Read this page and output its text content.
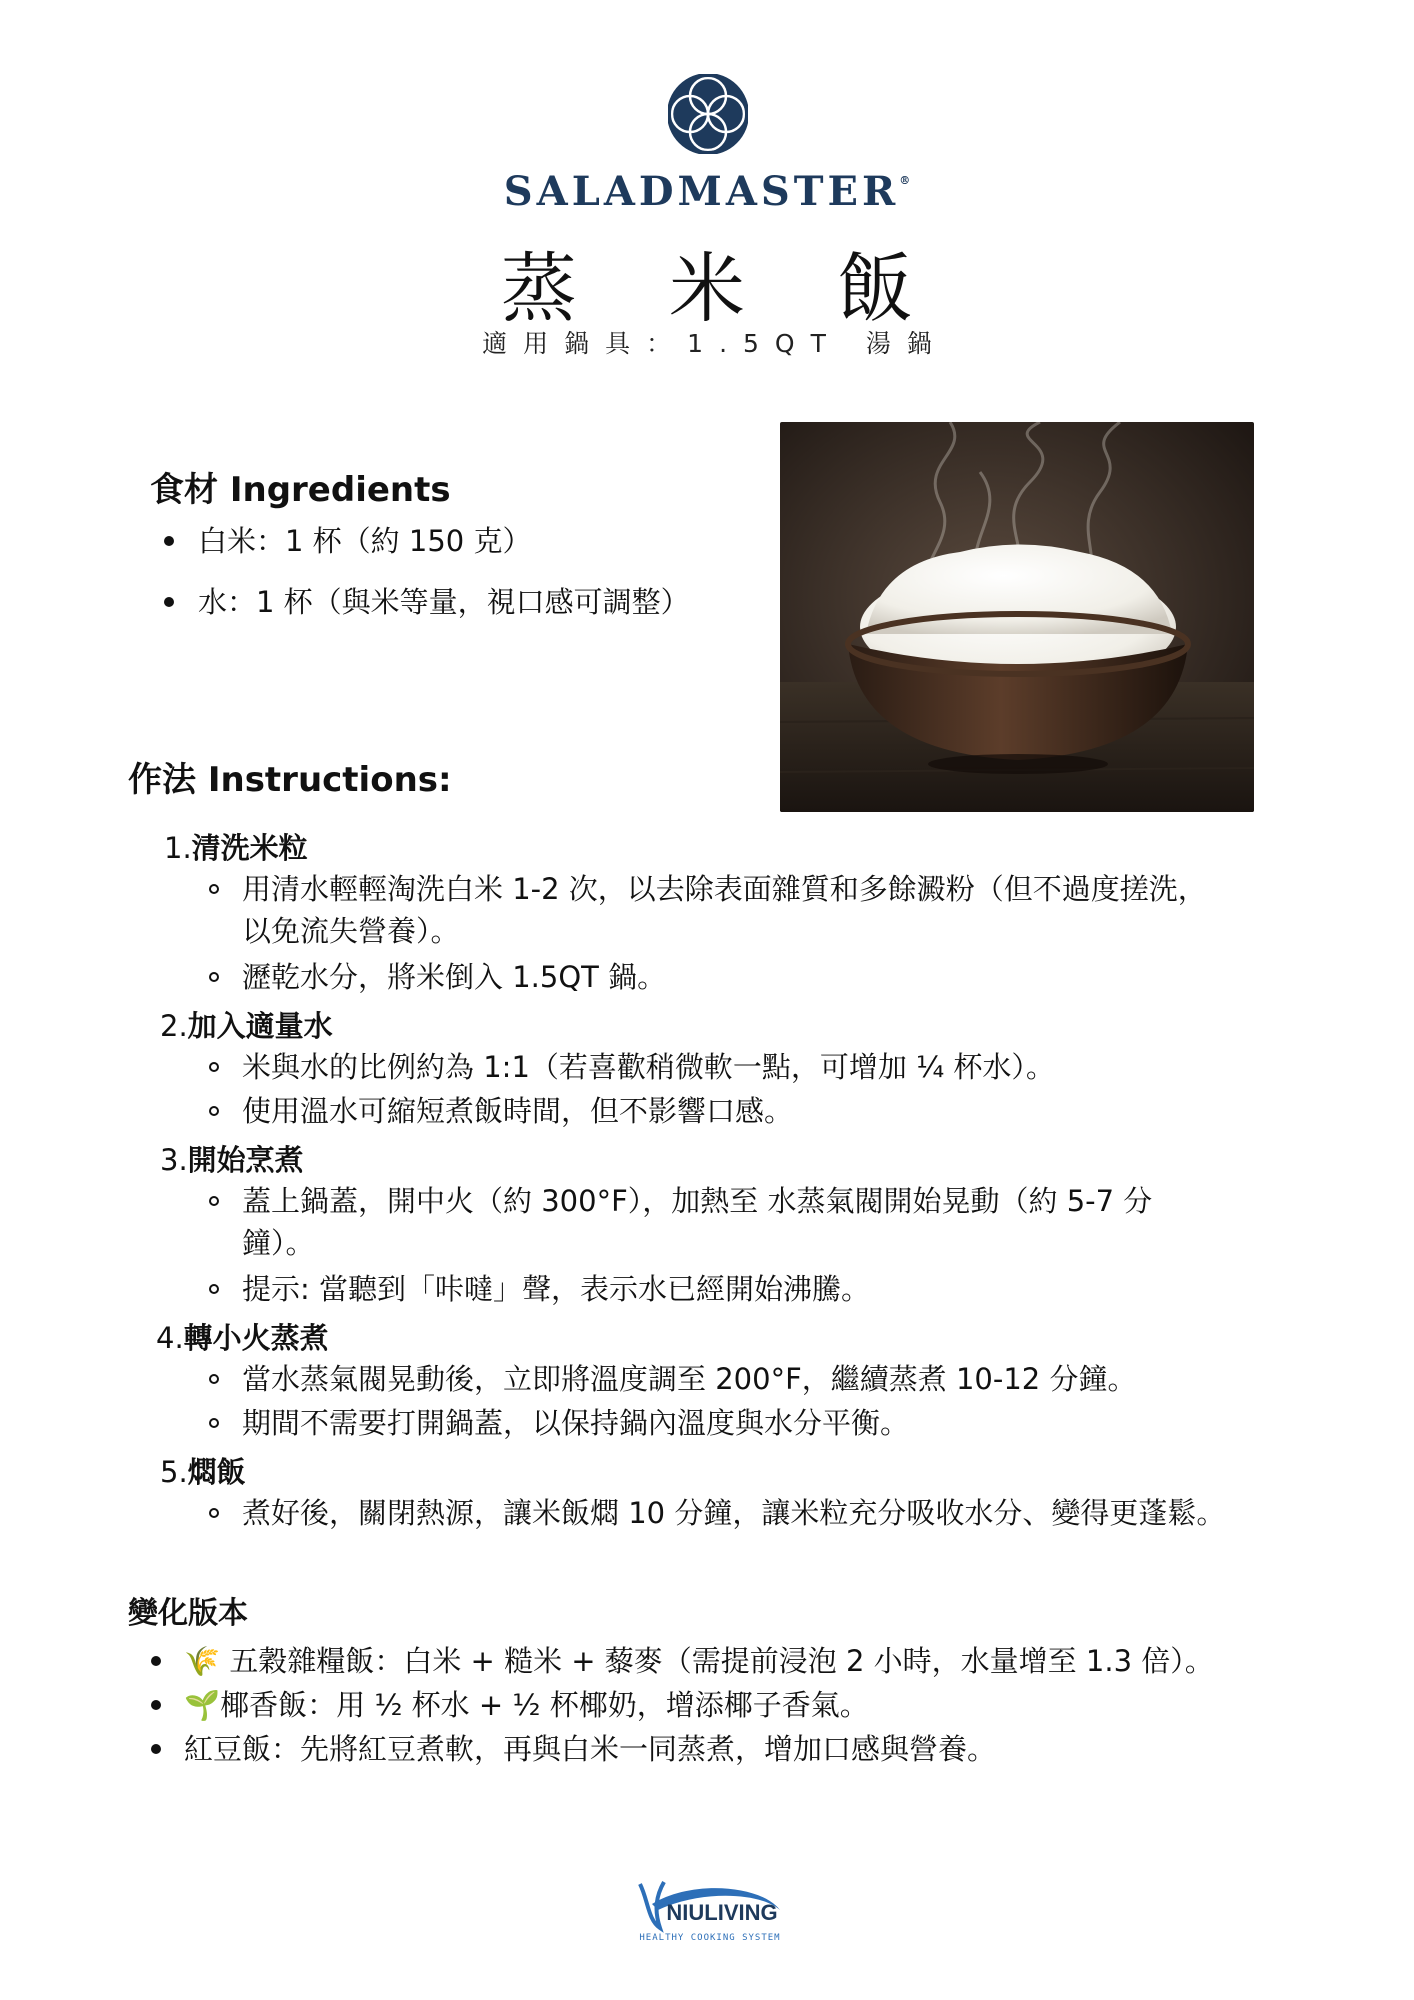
SALADMASTER®
蒸 米 飯
適用鍋具：1.5QT 湯鍋
食材 Ingredients
白米：1 杯（約 150 克）
水：1 杯（與米等量，視口感可調整）
作法 Instructions:
1.清洗米粒
用清水輕輕淘洗白米 1-2 次，以去除表面雜質和多餘澱粉（但不過度搓洗，
以免流失營養）。
瀝乾水分，將米倒入 1.5QT 鍋。
2.加入適量水
米與水的比例約為 1:1（若喜歡稍微軟一點，可增加 ¼ 杯水）。
使用溫水可縮短煮飯時間，但不影響口感。
3.開始烹煮
蓋上鍋蓋，開中火（約 300°F），加熱至 水蒸氣閥開始晃動（約 5-7 分
鐘）。
提示: 當聽到「咔噠」聲，表示水已經開始沸騰。
4.轉小火蒸煮
當水蒸氣閥晃動後，立即將溫度調至 200°F，繼續蒸煮 10-12 分鐘。
期間不需要打開鍋蓋，以保持鍋內溫度與水分平衡。
5.燜飯
煮好後，關閉熱源，讓米飯燜 10 分鐘，讓米粒充分吸收水分、變得更蓬鬆。
變化版本
🌾 五穀雜糧飯：白米 + 糙米 + 藜麥（需提前浸泡 2 小時，水量增至 1.3 倍）。
🌱椰香飯：用 ½ 杯水 + ½ 杯椰奶，增添椰子香氣。
紅豆飯：先將紅豆煮軟，再與白米一同蒸煮，增加口感與營養。
NIULIVING
HEALTHY COOKING SYSTEM
